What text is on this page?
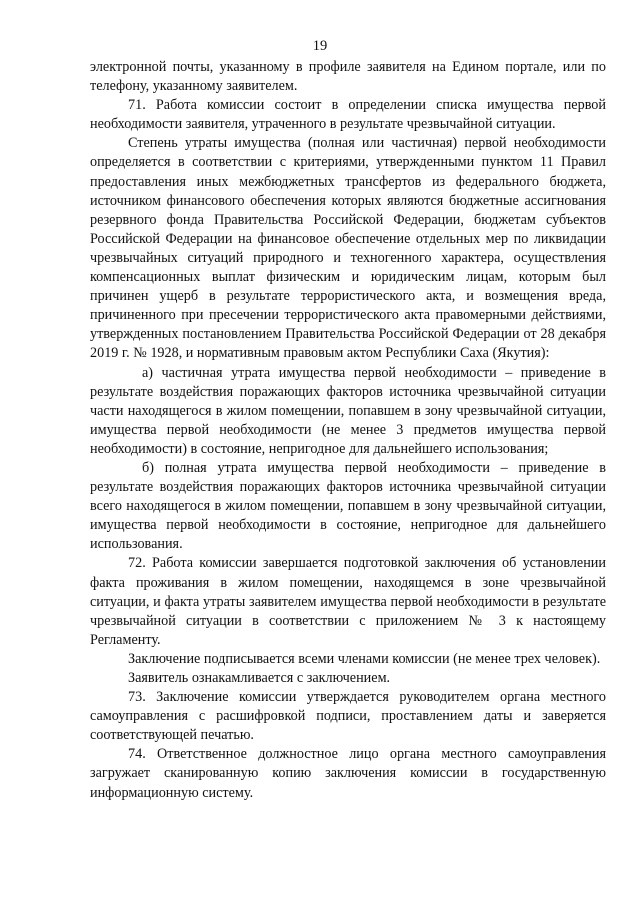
19

электронной почты, указанному в профиле заявителя на Едином портале, или по телефону, указанному заявителем.

71. Работа комиссии состоит в определении списка имущества первой необходимости заявителя, утраченного в результате чрезвычайной ситуации.

Степень утраты имущества (полная или частичная) первой необходимости определяется в соответствии с критериями, утвержденными пунктом 11 Правил предоставления иных межбюджетных трансфертов из федерального бюджета, источником финансового обеспечения которых являются бюджетные ассигнования резервного фонда Правительства Российской Федерации, бюджетам субъектов Российской Федерации на финансовое обеспечение отдельных мер по ликвидации чрезвычайных ситуаций природного и техногенного характера, осуществления компенсационных выплат физическим и юридическим лицам, которым был причинен ущерб в результате террористического акта, и возмещения вреда, причиненного при пресечении террористического акта правомерными действиями, утвержденных постановлением Правительства Российской Федерации от 28 декабря 2019 г. № 1928, и нормативным правовым актом Республики Саха (Якутия):

а) частичная утрата имущества первой необходимости – приведение в результате воздействия поражающих факторов источника чрезвычайной ситуации части находящегося в жилом помещении, попавшем в зону чрезвычайной ситуации, имущества первой необходимости (не менее 3 предметов имущества первой необходимости) в состояние, непригодное для дальнейшего использования;

б) полная утрата имущества первой необходимости – приведение в результате воздействия поражающих факторов источника чрезвычайной ситуации всего находящегося в жилом помещении, попавшем в зону чрезвычайной ситуации, имущества первой необходимости в состояние, непригодное для дальнейшего использования.

72. Работа комиссии завершается подготовкой заключения об установлении факта проживания в жилом помещении, находящемся в зоне чрезвычайной ситуации, и факта утраты заявителем имущества первой необходимости в результате чрезвычайной ситуации в соответствии с приложением № 3 к настоящему Регламенту.

Заключение подписывается всеми членами комиссии (не менее трех человек).

Заявитель ознакамливается с заключением.

73. Заключение комиссии утверждается руководителем органа местного самоуправления с расшифровкой подписи, проставлением даты и заверяется соответствующей печатью.

74. Ответственное должностное лицо органа местного самоуправления загружает сканированную копию заключения комиссии в государственную информационную систему.
